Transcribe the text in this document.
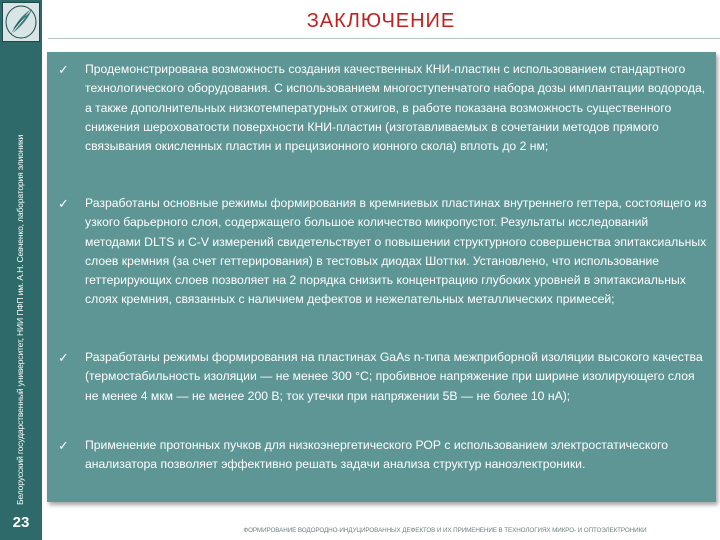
Белорусский государственный университет, НИИ ПФП им. А.Н. Севченко, лаборатория элионики
23
ЗАКЛЮЧЕНИЕ
✓ Продемонстрирована возможность создания качественных КНИ-пластин с использованием стандартного технологического оборудования. С использованием многоступенчатого набора дозы имплантации водорода, а также дополнительных низкотемпературных отжигов, в работе показана возможность существенного снижения шероховатости поверхности КНИ-пластин (изготавливаемых в сочетании методов прямого связывания окисленных пластин и прецизионного ионного скола) вплоть до 2 нм;
✓ Разработаны основные режимы формирования в кремниевых пластинах внутреннего геттера, состоящего из узкого барьерного слоя, содержащего большое количество микропустот. Результаты исследований методами DLTS и C-V измерений свидетельствует о повышении структурного совершенства эпитаксиальных слоев кремния (за счет геттерирования) в тестовых диодах Шоттки. Установлено, что использование геттерирующих слоев позволяет на 2 порядка снизить концентрацию глубоких уровней в эпитаксиальных слоях кремния, связанных с наличием дефектов и нежелательных металлических примесей;
✓ Разработаны режимы формирования на пластинах GaAs n-типа межприборной изоляции высокого качества (термостабильность изоляции — не менее 300 °С; пробивное напряжение при ширине изолирующего слоя не менее 4 мкм — не менее 200 В; ток утечки при напряжении 5В — не более 10 нА);
✓ Применение протонных пучков для низкоэнергетического РОР с использованием электростатического анализатора позволяет эффективно решать задачи анализа структур наноэлектроники.
ФОРМИРОВАНИЕ ВОДОРОДНО-ИНДУЦИРОВАННЫХ ДЕФЕКТОВ И ИХ ПРИМЕНЕНИЕ В ТЕХНОЛОГИЯХ МИКРО- И ОПТОЭЛЕКТРОНИКИ
